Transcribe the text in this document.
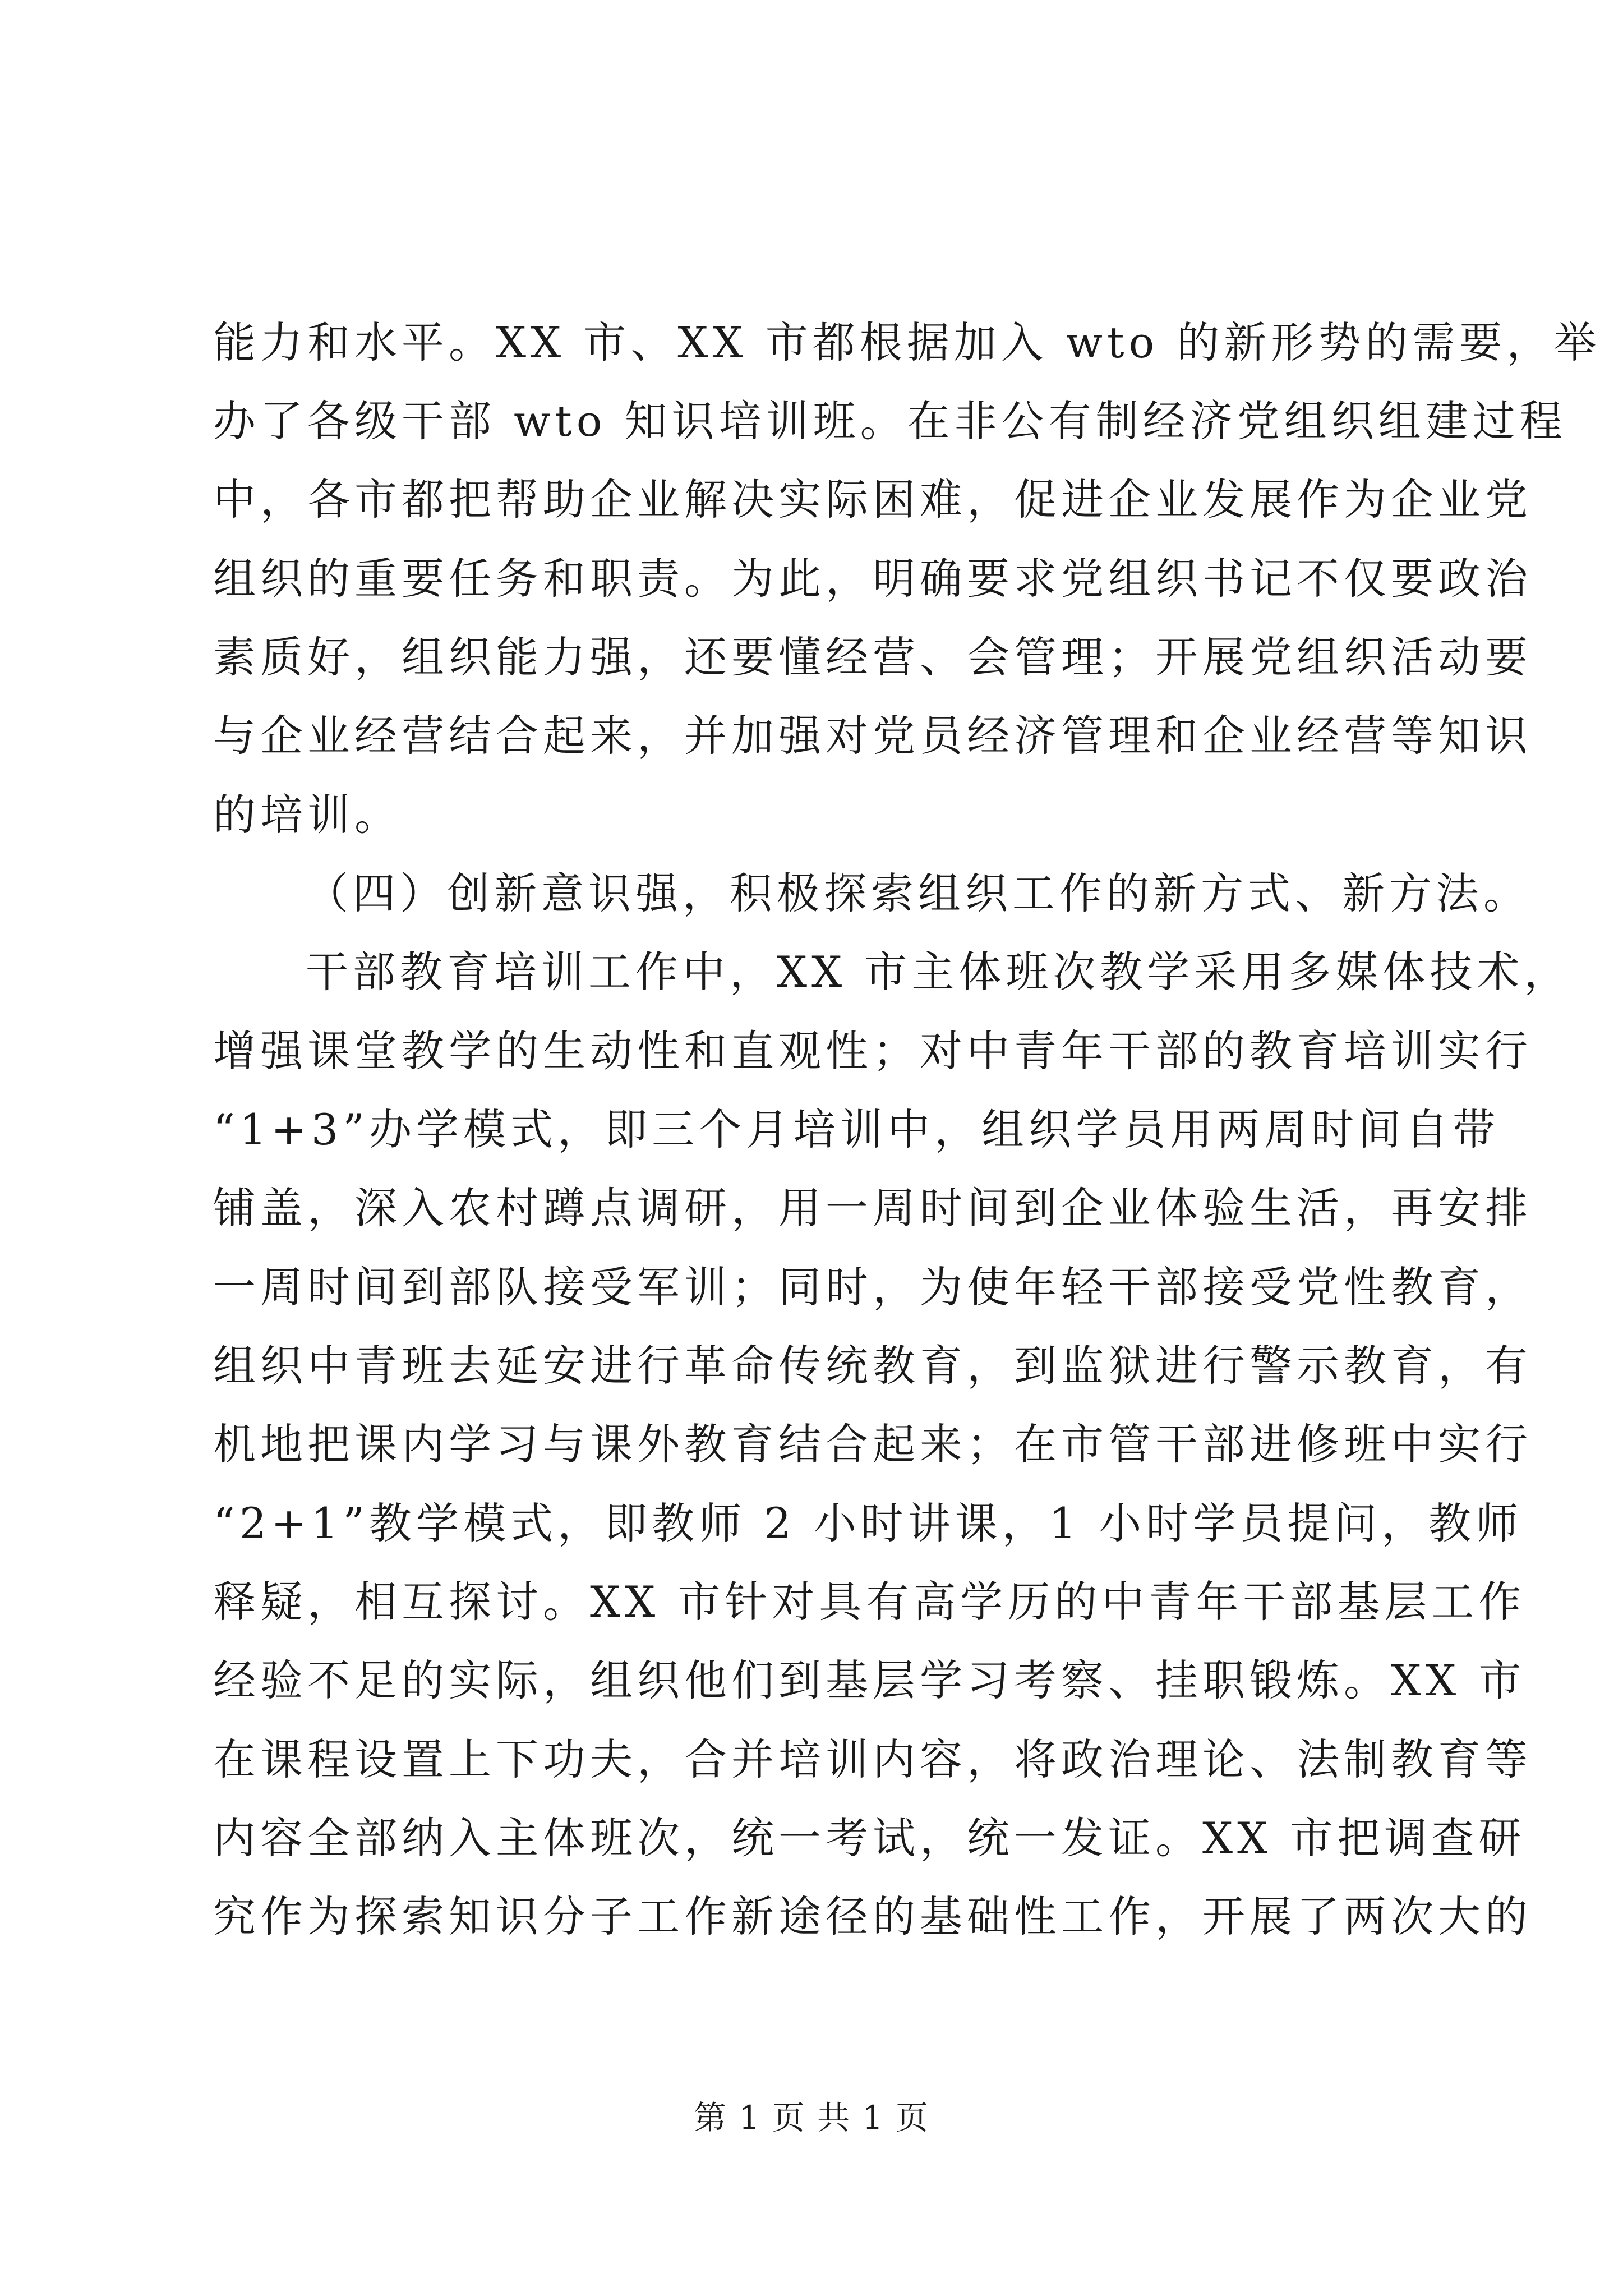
能力和水平。XX 市、XX 市都根据加入 wto 的新形势的需要，举
办了各级干部 wto 知识培训班。在非公有制经济党组织组建过程
中，各市都把帮助企业解决实际困难，促进企业发展作为企业党
组织的重要任务和职责。为此，明确要求党组织书记不仅要政治
素质好，组织能力强，还要懂经营、会管理；开展党组织活动要
与企业经营结合起来，并加强对党员经济管理和企业经营等知识
的培训。
（四）创新意识强，积极探索组织工作的新方式、新方法。
干部教育培训工作中，XX 市主体班次教学采用多媒体技术，
增强课堂教学的生动性和直观性；对中青年干部的教育培训实行
“1+3”办学模式，即三个月培训中，组织学员用两周时间自带
铺盖，深入农村蹲点调研，用一周时间到企业体验生活，再安排
一周时间到部队接受军训；同时，为使年轻干部接受党性教育，
组织中青班去延安进行革命传统教育，到监狱进行警示教育，有
机地把课内学习与课外教育结合起来；在市管干部进修班中实行
“2+1”教学模式，即教师 2 小时讲课，1 小时学员提问，教师
释疑，相互探讨。XX 市针对具有高学历的中青年干部基层工作
经验不足的实际，组织他们到基层学习考察、挂职锻炼。XX 市
在课程设置上下功夫，合并培训内容，将政治理论、法制教育等
内容全部纳入主体班次，统一考试，统一发证。XX 市把调查研
究作为探索知识分子工作新途径的基础性工作，开展了两次大的
第 1 页 共 1 页
